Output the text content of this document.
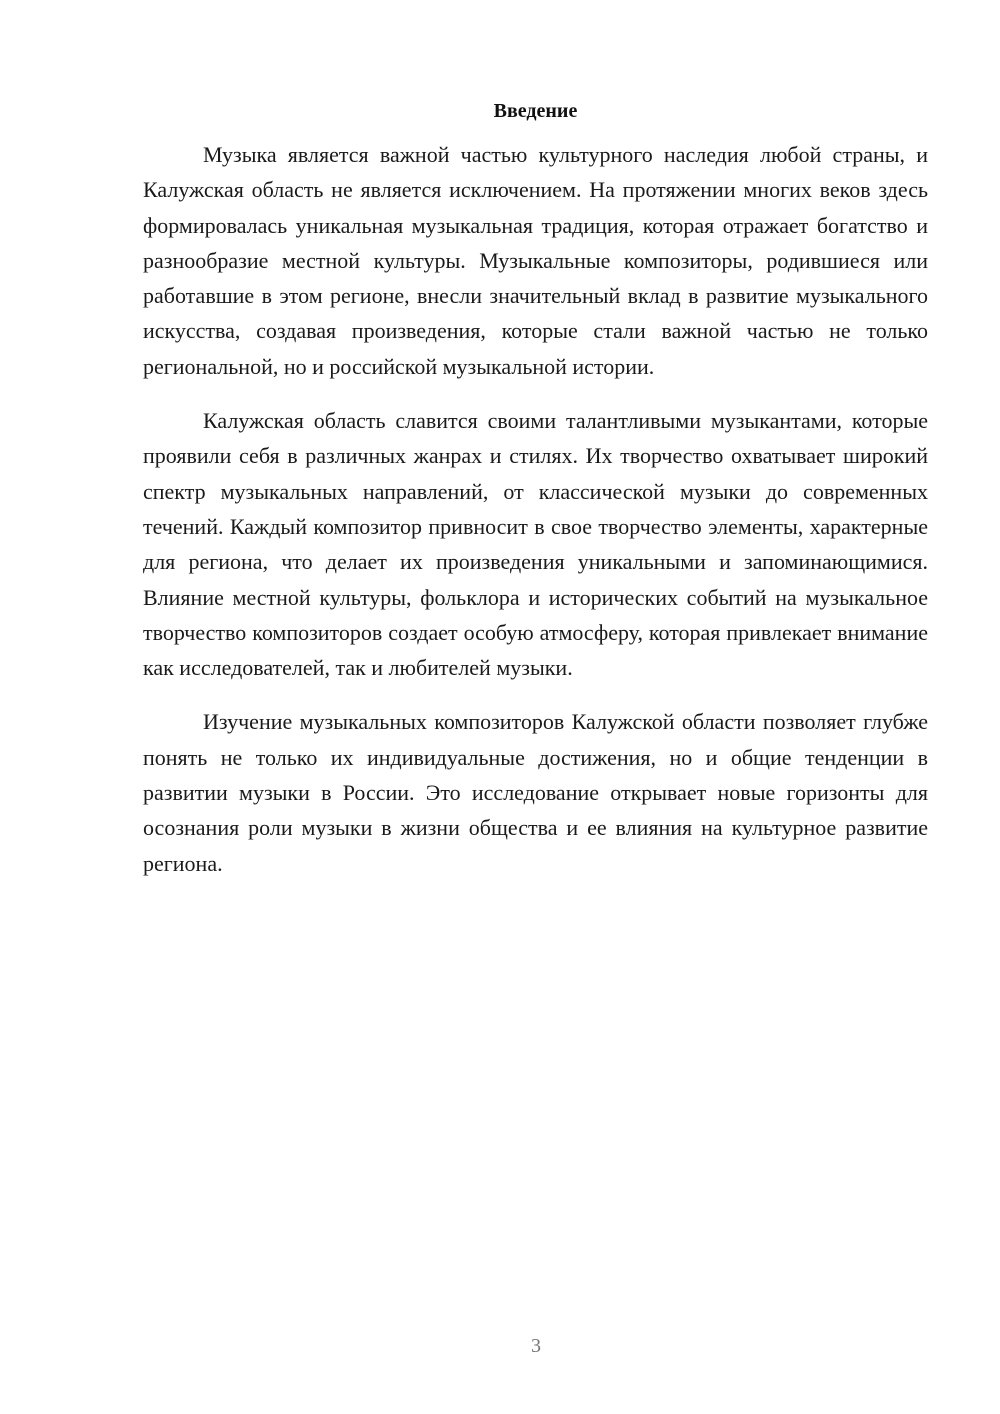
Введение

Музыка является важной частью культурного наследия любой страны, и Калужская область не является исключением. На протяжении многих веков здесь формировалась уникальная музыкальная традиция, которая отражает богатство и разнообразие местной культуры. Музыкальные композиторы, родившиеся или работавшие в этом регионе, внесли значительный вклад в развитие музыкального искусства, создавая произведения, которые стали важной частью не только региональной, но и российской музыкальной истории.

Калужская область славится своими талантливыми музыкантами, которые проявили себя в различных жанрах и стилях. Их творчество охватывает широкий спектр музыкальных направлений, от классической музыки до современных течений. Каждый композитор привносит в свое творчество элементы, характерные для региона, что делает их произведения уникальными и запоминающимися. Влияние местной культуры, фольклора и исторических событий на музыкальное творчество композиторов создает особую атмосферу, которая привлекает внимание как исследователей, так и любителей музыки.

Изучение музыкальных композиторов Калужской области позволяет глубже понять не только их индивидуальные достижения, но и общие тенденции в развитии музыки в России. Это исследование открывает новые горизонты для осознания роли музыки в жизни общества и ее влияния на культурное развитие региона.

3
